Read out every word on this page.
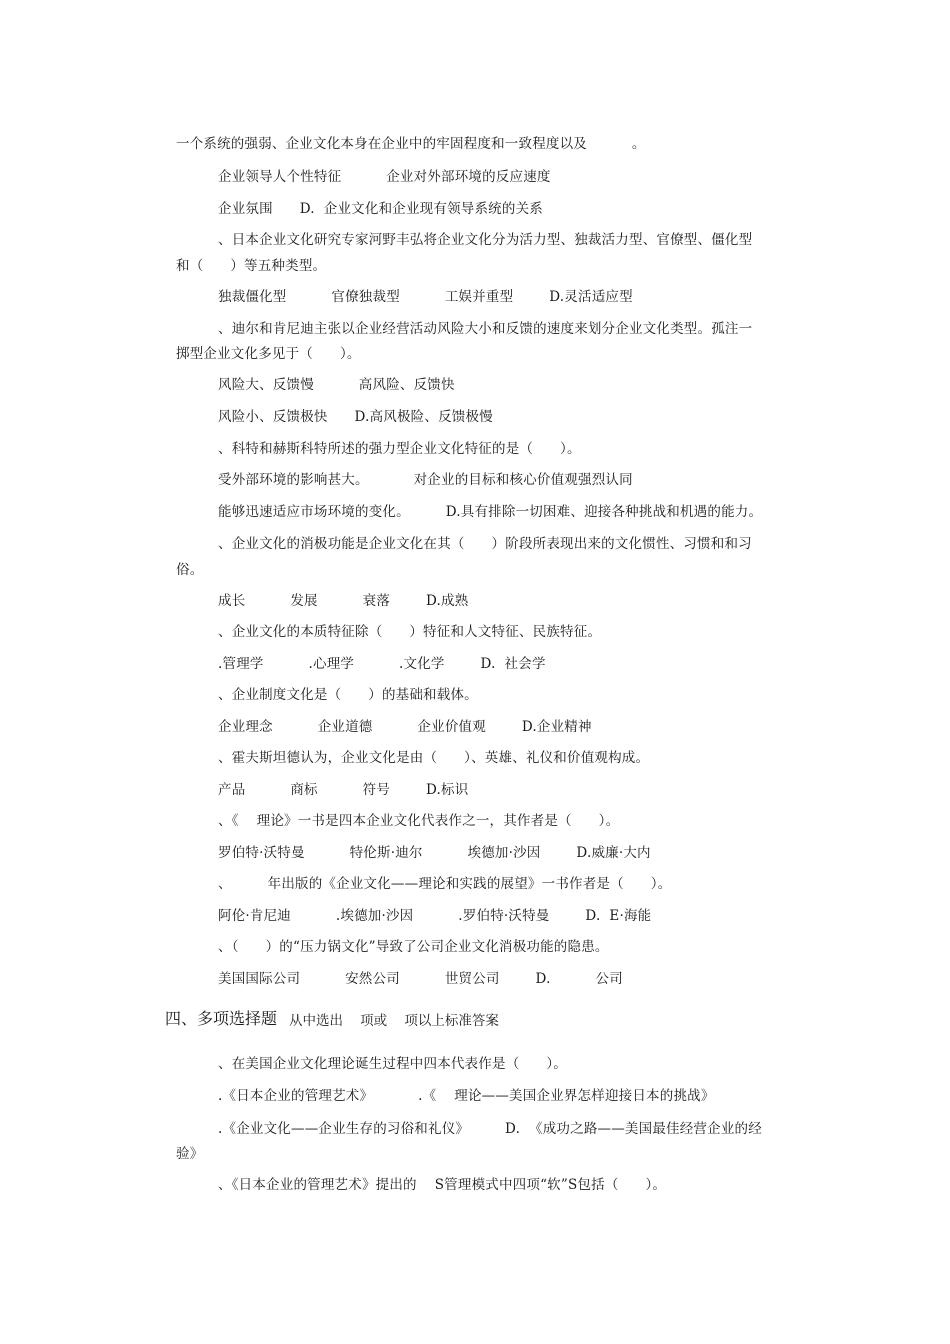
一个系统的强弱、企业文化本身在企业中的牢固程度和一致程度以及          。
企业领导人个性特征          企业对外部环境的反应速度
企业氛围      D.  企业文化和企业现有领导系统的关系
、日本企业文化研究专家河野丰弘将企业文化分为活力型、独裁活力型、官僚型、僵化型
和（      ）等五种类型。
独裁僵化型          官僚独裁型          工娱并重型        D.灵活适应型
、迪尔和肯尼迪主张以企业经营活动风险大小和反馈的速度来划分企业文化类型。孤注一
掷型企业文化多见于（      ）。
风险大、反馈慢          高风险、反馈快
风险小、反馈极快      D.高风极险、反馈极慢
、科特和赫斯科特所述的强力型企业文化特征的是（      ）。
受外部环境的影响甚大。          对企业的目标和核心价值观强烈认同
能够迅速适应市场环境的变化。        D.具有排除一切困难、迎接各种挑战和机遇的能力。
、企业文化的消极功能是企业文化在其（      ）阶段所表现出来的文化惯性、习惯和和习
俗。
成长          发展          衰落        D.成熟
、企业文化的本质特征除（      ）特征和人文特征、民族特征。
.管理学          .心理学          .文化学        D.  社会学
、企业制度文化是（      ）的基础和载体。
企业理念          企业道德          企业价值观        D.企业精神
、霍夫斯坦德认为，企业文化是由（      ）、英雄、礼仪和价值观构成。
产品          商标          符号        D.标识
、《    理论》一书是四本企业文化代表作之一，其作者是（      ）。
罗伯特·沃特曼          特伦斯·迪尔          埃德加·沙因        D.威廉·大内
、        年出版的《企业文化——理论和实践的展望》一书作者是（      ）。
阿伦·肯尼迪          .埃德加·沙因          .罗伯特·沃特曼        D.  E·海能
、（      ）的“压力锅文化”导致了公司企业文化消极功能的隐患。
美国国际公司          安然公司          世贸公司        D.          公司
四、多项选择题 从中选出    项或    项以上标准答案
、在美国企业文化理论诞生过程中四本代表作是（      ）。
.《日本企业的管理艺术》          .《    理论——美国企业界怎样迎接日本的挑战》
.《企业文化——企业生存的习俗和礼仪》        D.  《成功之路——美国最佳经营企业的经
验》
、《日本企业的管理艺术》提出的    S管理模式中四项“软”S包括（      ）。
